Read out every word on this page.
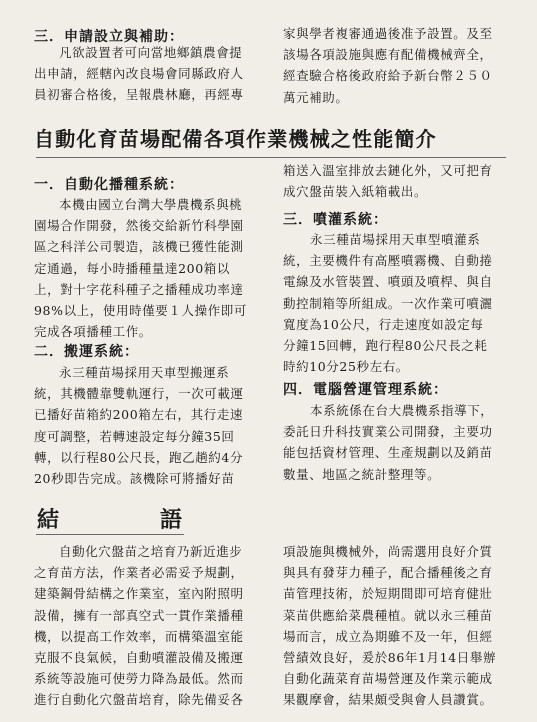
三．申請設立與補助：
凡欲設置者可向當地鄉鎮農會提
出申請，經轄內改良場會同縣政府人
員初審合格後，呈報農林廳，再經專
家與學者複審通過後准予設置。及至
該場各項設施與應有配備機械齊全，
經查驗合格後政府給予新台幣２５０
萬元補助。
自動化育苗場配備各項作業機械之性能簡介
一．自動化播種系統：
本機由國立台灣大學農機系與桃
園場合作開發，然後交給新竹科學園
區之科洋公司製造，該機已獲性能測
定通過，每小時播種量達200箱以
上，對十字花科種子之播種成功率達
98%以上，使用時僅要１人操作即可
完成各項播種工作。
二．搬運系統：
永三種苗場採用天車型搬運系
統，其機體靠雙軌運行，一次可載運
已播好苗箱約200箱左右，其行走速
度可調整，若轉速設定每分鐘35回
轉，以行程80公尺長，跑乙趟約4分
20秒即告完成。該機除可將播好苗
箱送入溫室排放去鏈化外，又可把育
成穴盤苗裝入紙箱載出。
三．噴灌系統：
永三種苗場採用天車型噴灌系
統，主要機件有高壓噴霧機、自動捲
電線及水管裝置、噴頭及噴桿、與自
動控制箱等所組成。一次作業可噴灑
寬度為10公尺，行走速度如設定每
分鐘15回轉，跑行程80公尺長之耗
時約10分25秒左右。
四．電腦營運管理系統：
本系統係在台大農機系指導下，
委託日升科技實業公司開發，主要功
能包括資材管理、生產規劃以及銷苗
數量、地區之統計整理等。
結	語
自動化穴盤苗之培育乃新近進步
之育苗方法，作業者必需妥予規劃，
建築鋼骨結構之作業室，室內附照明
設備，擁有一部真空式一貫作業播種
機，以提高工作效率，而構築溫室能
克服不良氣候，自動噴灌設備及搬運
系統等設施可使勞力降為最低。然而
進行自動化穴盤苗培育，除先備妥各
項設施與機械外，尚需選用良好介質
與具有發芽力種子，配合播種後之育
苗管理技術，於短期間即可培育健壯
菜苗供應給菜農種植。就以永三種苗
場而言，成立為期雖不及一年，但經
營績效良好，爰於86年1月14日舉辦
自動化蔬菜育苗場營運及作業示範成
果觀摩會，結果頗受與會人員讚賞。
